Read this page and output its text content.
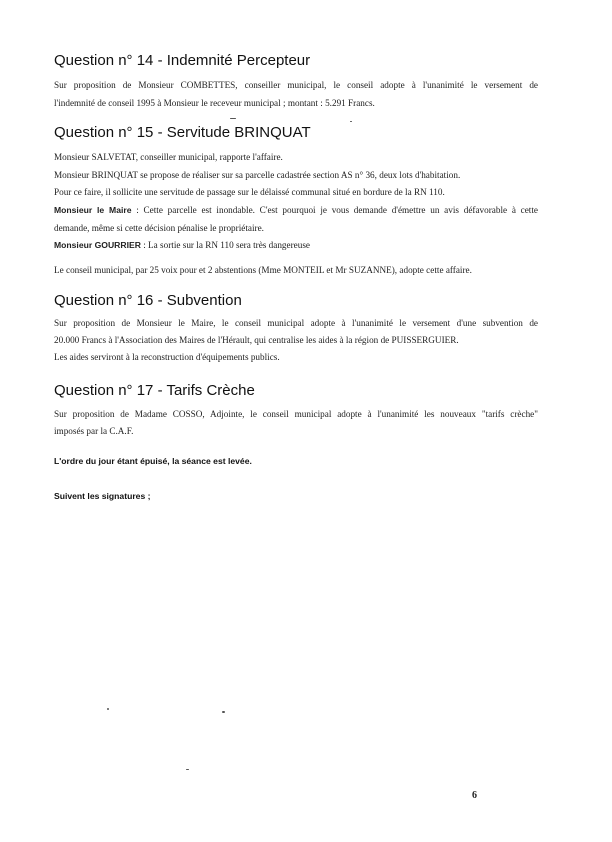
Question n° 14 - Indemnité Percepteur

Sur proposition de Monsieur COMBETTES, conseiller municipal, le conseil adopte à l'unanimité le versement de

l'indemnité de conseil 1995 à Monsieur le receveur municipal ; montant : 5.291 Francs.

Question n° 15 - Servitude BRINQUAT

Monsieur SALVETAT, conseiller municipal, rapporte l'affaire.

Monsieur BRINQUAT se propose de réaliser sur sa parcelle cadastrée section AS n° 36, deux lots d'habitation.

Pour ce faire, il sollicite une servitude de passage sur le délaissé communal situé en bordure de la RN 110.

Monsieur le Maire : Cette parcelle est inondable. C'est pourquoi je vous demande d'émettre un avis défavorable à cette

demande, même si cette décision pénalise le propriétaire.

Monsieur GOURRIER : La sortie sur la RN 110 sera très dangereuse

Le conseil municipal, par 25 voix pour et 2 abstentions (Mme MONTEIL et Mr SUZANNE), adopte cette affaire.

Question n° 16 - Subvention

Sur proposition de Monsieur le Maire, le conseil municipal adopte à l'unanimité le versement d'une subvention de

20.000 Francs à l'Association des Maires de l'Hérault, qui centralise les aides à la région de PUISSERGUIER.

Les aides serviront à la reconstruction d'équipements publics.

Question n° 17 - Tarifs Crèche

Sur proposition de Madame COSSO, Adjointe, le conseil municipal adopte à l'unanimité les nouveaux "tarifs crèche"

imposés par la C.A.F.

L'ordre du jour étant épuisé, la séance est levée.

Suivent les signatures ;

6
